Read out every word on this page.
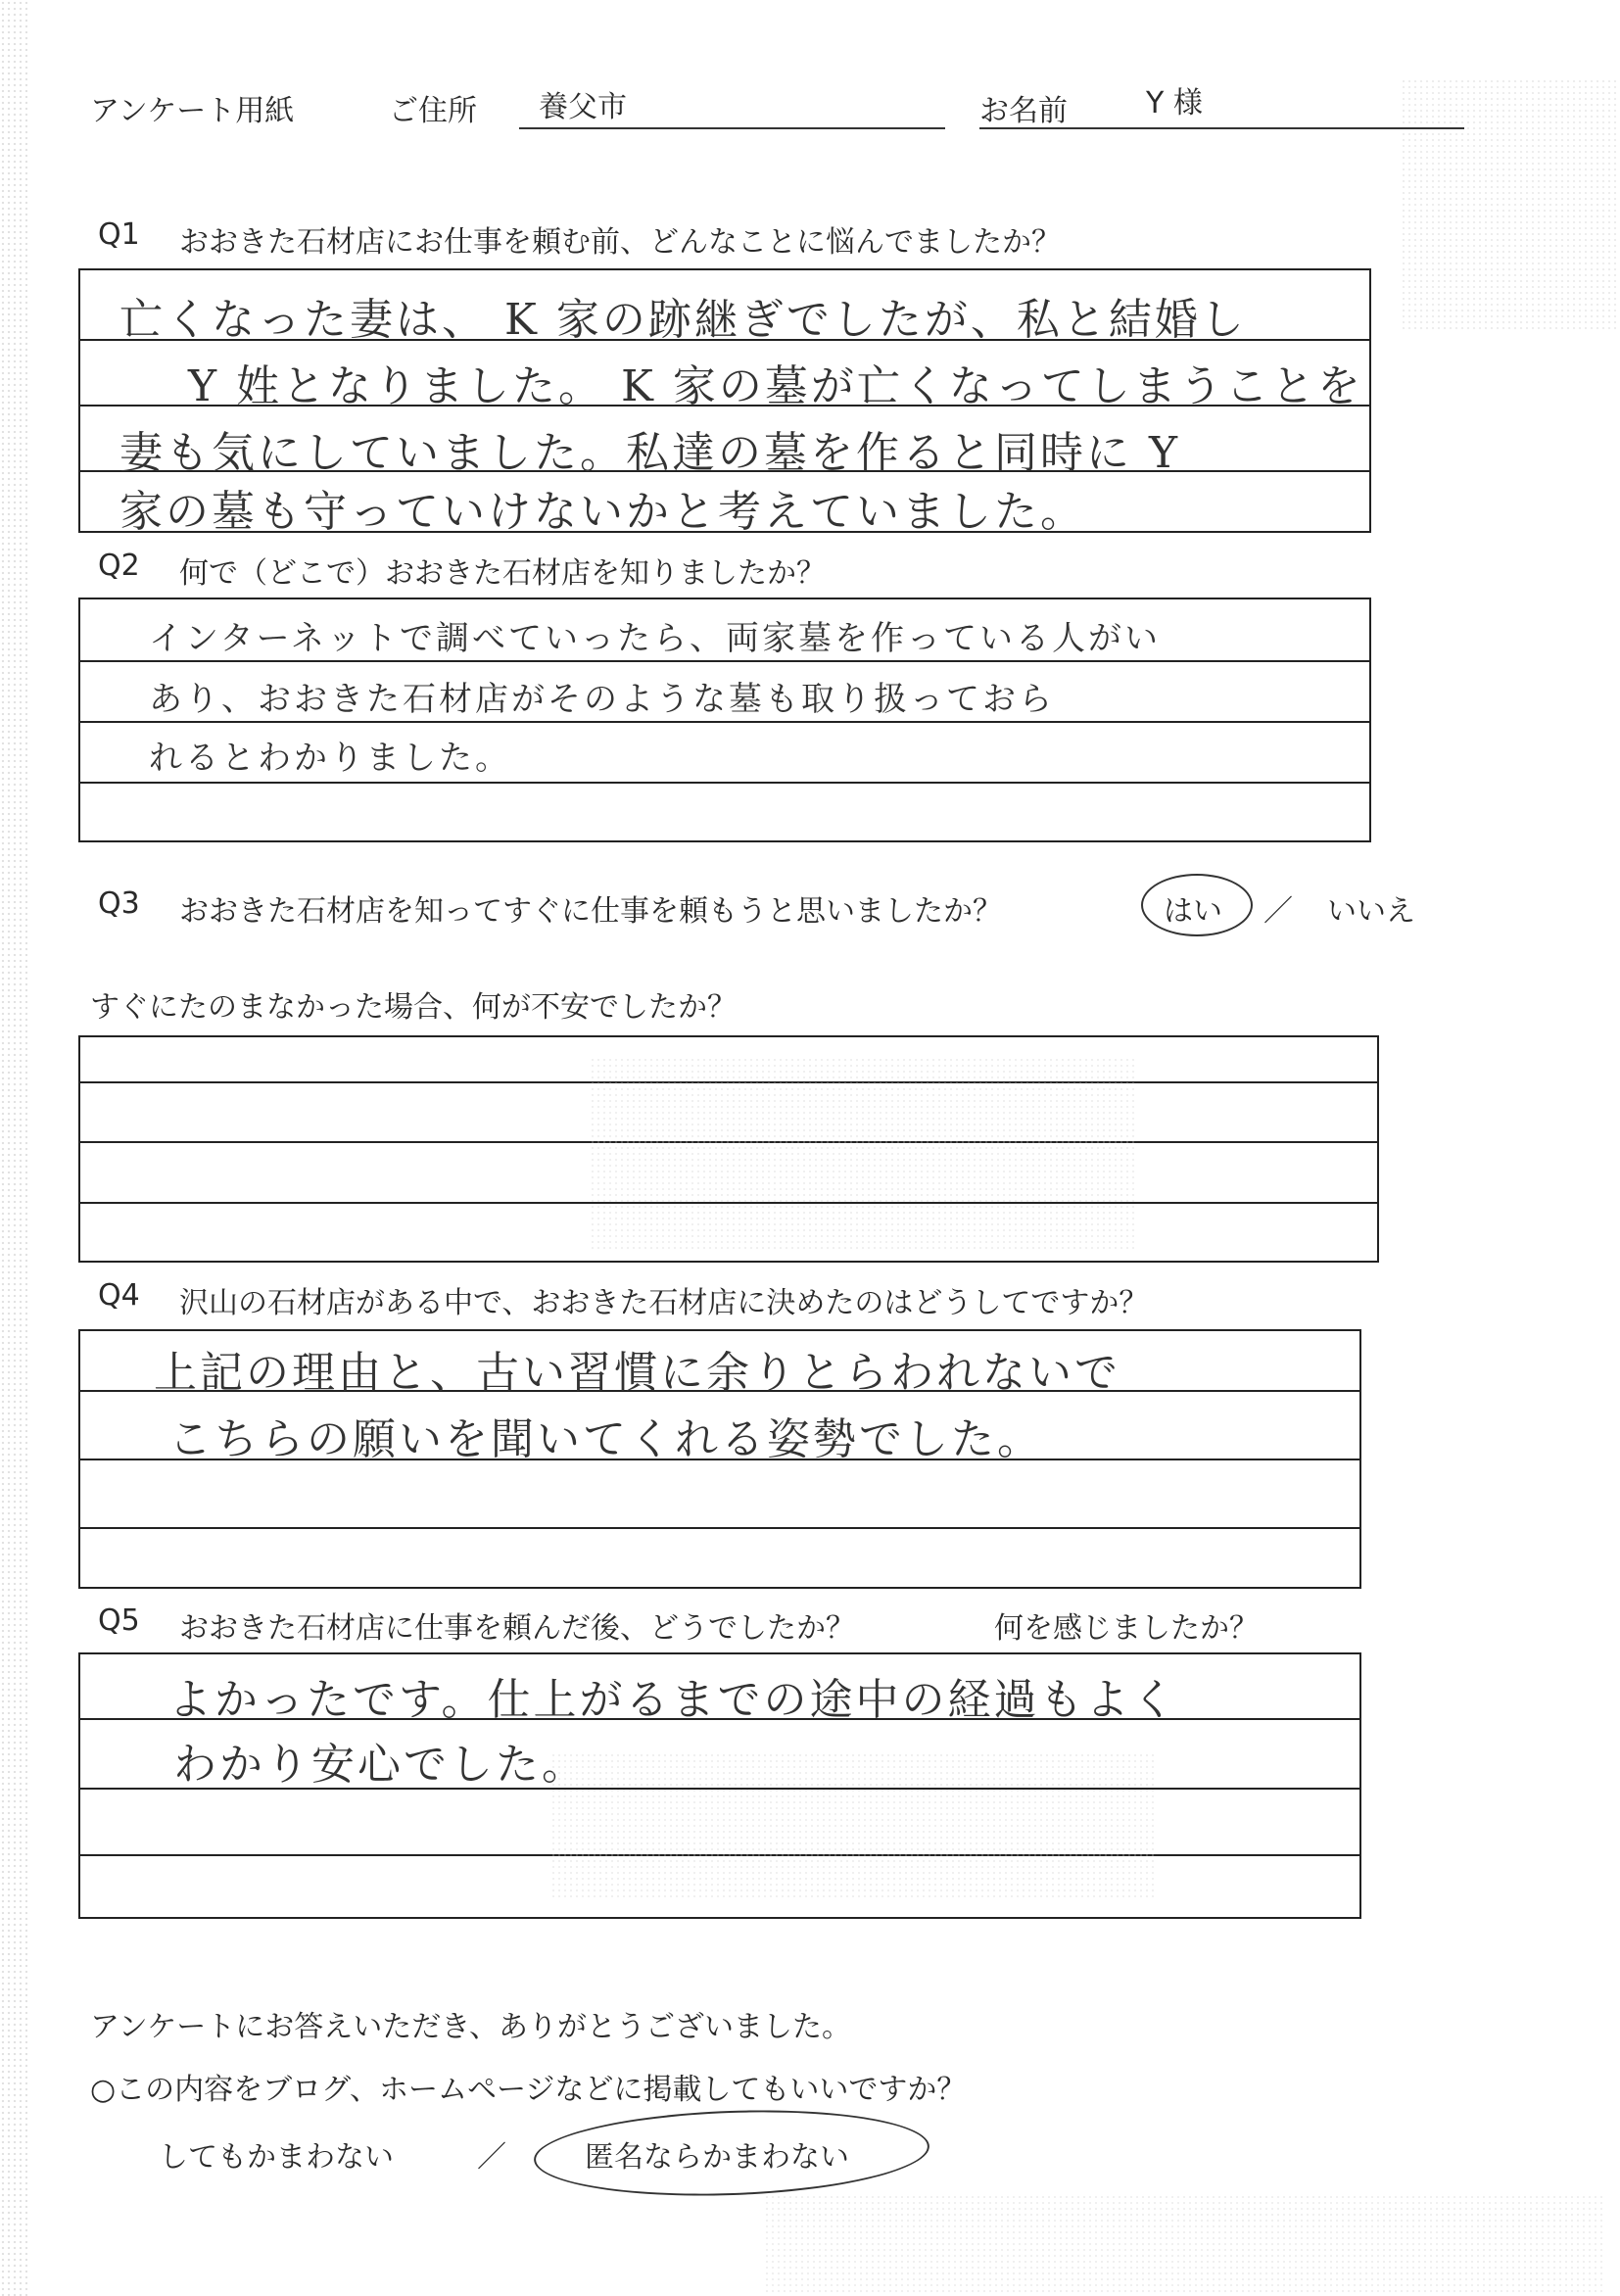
アンケート用紙	ご住所 養父市	お名前	Y 様
Q1 おおきた石材店にお仕事を頼む前、どんなことに悩んでましたか？
亡くなった妻は、 K 家の跡継ぎでしたが、私と結婚し
Y 姓となりました。 K 家の墓が亡くなってしまうことを
妻も気にしていました。私達の墓を作ると同時に Y
家の墓も守っていけないかと考えていました。
Q2 何で（どこで）おおきた石材店を知りましたか？
インターネットで調べていったら、両家墓を作っている人がい
あり、おおきた石材店がそのような墓も取り扱っておら
れるとわかりました。
Q3 おおきた石材店を知ってすぐに仕事を頼もうと思いましたか？	はい ／ いいえ
すぐにたのまなかった場合、何が不安でしたか？
Q4 沢山の石材店がある中で、おおきた石材店に決めたのはどうしてですか？
上記の理由と、古い習慣に余りとらわれないで
こちらの願いを聞いてくれる姿勢でした。
Q5 おおきた石材店に仕事を頼んだ後、どうでしたか？	何を感じましたか？
よかったです。仕上がるまでの途中の経過もよく
わかり安心でした。
アンケートにお答えいただき、ありがとうございました。
○この内容をブログ、ホームページなどに掲載してもいいですか？
してもかまわない	／	匿名ならかまわない
